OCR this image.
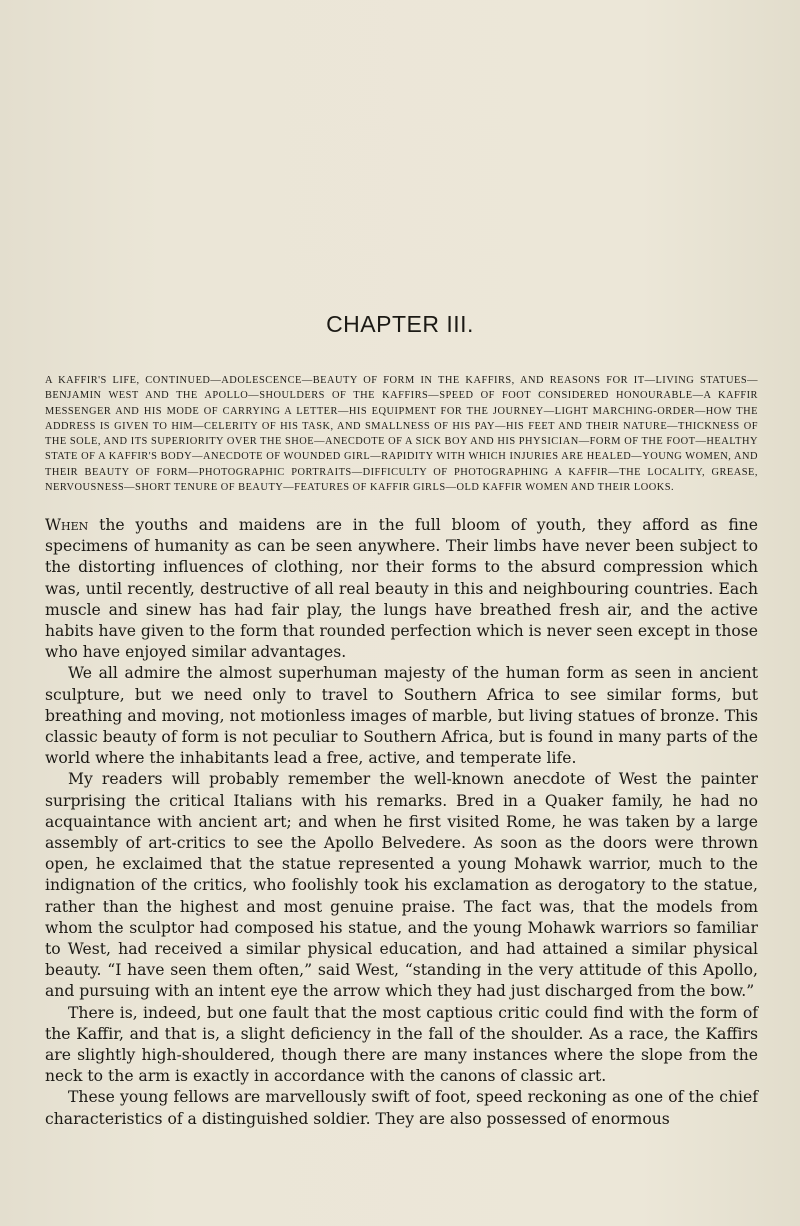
CHAPTER III.
A KAFFIR'S LIFE, CONTINUED—ADOLESCENCE—BEAUTY OF FORM IN THE KAFFIRS, AND REASONS FOR IT—LIVING STATUES—BENJAMIN WEST AND THE APOLLO—SHOULDERS OF THE KAFFIRS—SPEED OF FOOT CONSIDERED HONOURABLE—A KAFFIR MESSENGER AND HIS MODE OF CARRYING A LETTER—HIS EQUIPMENT FOR THE JOURNEY—LIGHT MARCHING-ORDER—HOW THE ADDRESS IS GIVEN TO HIM—CELERITY OF HIS TASK, AND SMALLNESS OF HIS PAY—HIS FEET AND THEIR NATURE—THICKNESS OF THE SOLE, AND ITS SUPERIORITY OVER THE SHOE—ANECDOTE OF A SICK BOY AND HIS PHYSICIAN—FORM OF THE FOOT—HEALTHY STATE OF A KAFFIR'S BODY—ANECDOTE OF WOUNDED GIRL—RAPIDITY WITH WHICH INJURIES ARE HEALED—YOUNG WOMEN, AND THEIR BEAUTY OF FORM—PHOTOGRAPHIC PORTRAITS—DIFFICULTY OF PHOTOGRAPHING A KAFFIR—THE LOCALITY, GREASE, NERVOUSNESS—SHORT TENURE OF BEAUTY—FEATURES OF KAFFIR GIRLS—OLD KAFFIR WOMEN AND THEIR LOOKS.

When the youths and maidens are in the full bloom of youth, they afford as fine specimens of humanity as can be seen anywhere. Their limbs have never been subject to the distorting influences of clothing, nor their forms to the absurd compression which was, until recently, destructive of all real beauty in this and neighbouring countries. Each muscle and sinew has had fair play, the lungs have breathed fresh air, and the active habits have given to the form that rounded perfection which is never seen except in those who have enjoyed similar advantages.

We all admire the almost superhuman majesty of the human form as seen in ancient sculpture, but we need only to travel to Southern Africa to see similar forms, but breathing and moving, not motionless images of marble, but living statues of bronze. This classic beauty of form is not peculiar to Southern Africa, but is found in many parts of the world where the inhabitants lead a free, active, and temperate life.

My readers will probably remember the well-known anecdote of West the painter surprising the critical Italians with his remarks. Bred in a Quaker family, he had no acquaintance with ancient art; and when he first visited Rome, he was taken by a large assembly of art-critics to see the Apollo Belvedere. As soon as the doors were thrown open, he exclaimed that the statue represented a young Mohawk warrior, much to the indignation of the critics, who foolishly took his exclamation as derogatory to the statue, rather than the highest and most genuine praise. The fact was, that the models from whom the sculptor had composed his statue, and the young Mohawk warriors so familiar to West, had received a similar physical education, and had attained a similar physical beauty. “I have seen them often,” said West, “standing in the very attitude of this Apollo, and pursuing with an intent eye the arrow which they had just discharged from the bow.”

There is, indeed, but one fault that the most captious critic could find with the form of the Kaffir, and that is, a slight deficiency in the fall of the shoulder. As a race, the Kaffirs are slightly high-shouldered, though there are many instances where the slope from the neck to the arm is exactly in accordance with the canons of classic art.

These young fellows are marvellously swift of foot, speed reckoning as one of the chief characteristics of a distinguished soldier. They are also possessed of enormous
